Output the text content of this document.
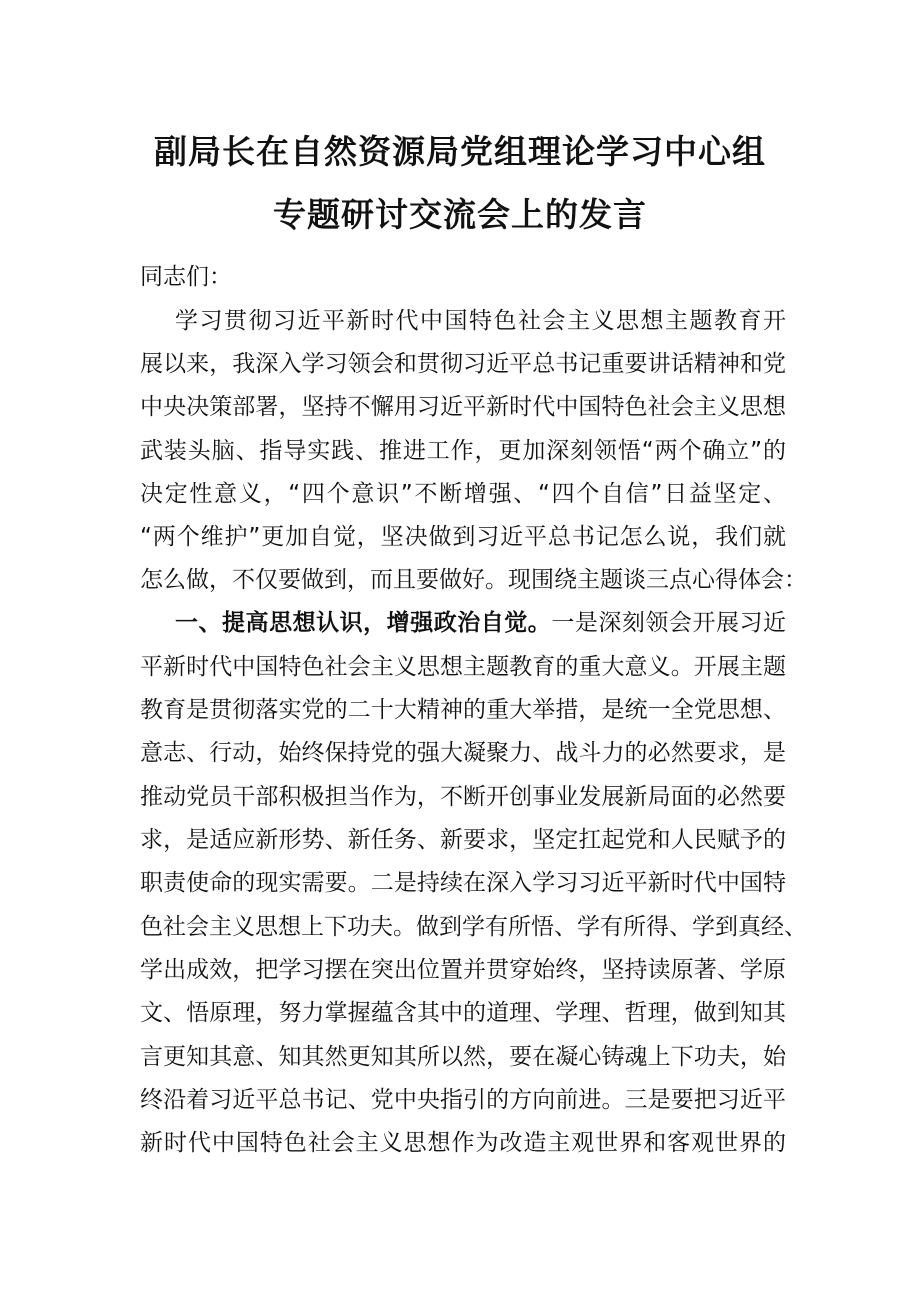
副局长在自然资源局党组理论学习中心组
专题研讨交流会上的发言
同志们：
学习贯彻习近平新时代中国特色社会主义思想主题教育开
展以来，我深入学习领会和贯彻习近平总书记重要讲话精神和党
中央决策部署，坚持不懈用习近平新时代中国特色社会主义思想
武装头脑、指导实践、推进工作，更加深刻领悟“两个确立”的
决定性意义，“四个意识”不断增强、“四个自信”日益坚定、
“两个维护”更加自觉，坚决做到习近平总书记怎么说，我们就
怎么做，不仅要做到，而且要做好。现围绕主题谈三点心得体会：
一、提高思想认识，增强政治自觉。一是深刻领会开展习近
平新时代中国特色社会主义思想主题教育的重大意义。开展主题
教育是贯彻落实党的二十大精神的重大举措，是统一全党思想、
意志、行动，始终保持党的强大凝聚力、战斗力的必然要求，是
推动党员干部积极担当作为，不断开创事业发展新局面的必然要
求，是适应新形势、新任务、新要求，坚定扛起党和人民赋予的
职责使命的现实需要。二是持续在深入学习习近平新时代中国特
色社会主义思想上下功夫。做到学有所悟、学有所得、学到真经、
学出成效，把学习摆在突出位置并贯穿始终，坚持读原著、学原
文、悟原理，努力掌握蕴含其中的道理、学理、哲理，做到知其
言更知其意、知其然更知其所以然，要在凝心铸魂上下功夫，始
终沿着习近平总书记、党中央指引的方向前进。三是要把习近平
新时代中国特色社会主义思想作为改造主观世界和客观世界的
